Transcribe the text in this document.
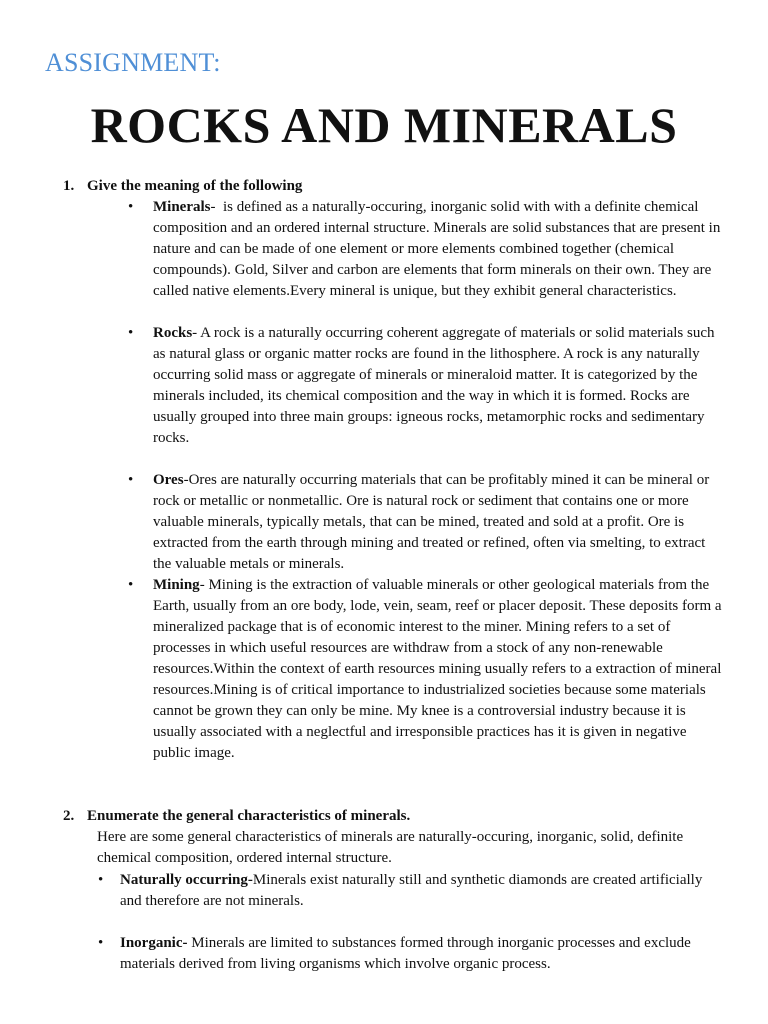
ASSIGNMENT:
ROCKS AND MINERALS
1. Give the meaning of the following
• Minerals-  is defined as a naturally-occuring, inorganic solid with with a definite chemical composition and an ordered internal structure. Minerals are solid substances that are present in nature and can be made of one element or more elements combined together (chemical compounds). Gold, Silver and carbon are elements that form minerals on their own. They are called native elements.Every mineral is unique, but they exhibit general characteristics.
• Rocks- A rock is a naturally occurring coherent aggregate of materials or solid materials such as natural glass or organic matter rocks are found in the lithosphere. A rock is any naturally occurring solid mass or aggregate of minerals or mineraloid matter. It is categorized by the minerals included, its chemical composition and the way in which it is formed. Rocks are usually grouped into three main groups: igneous rocks, metamorphic rocks and sedimentary rocks.
• Ores-Ores are naturally occurring materials that can be profitably mined it can be mineral or rock or metallic or nonmetallic. Ore is natural rock or sediment that contains one or more valuable minerals, typically metals, that can be mined, treated and sold at a profit. Ore is extracted from the earth through mining and treated or refined, often via smelting, to extract the valuable metals or minerals.
• Mining- Mining is the extraction of valuable minerals or other geological materials from the Earth, usually from an ore body, lode, vein, seam, reef or placer deposit. These deposits form a mineralized package that is of economic interest to the miner. Mining refers to a set of processes in which useful resources are withdraw from a stock of any non-renewable resources.Within the context of earth resources mining usually refers to a extraction of mineral resources.Mining is of critical importance to industrialized societies because some materials cannot be grown they can only be mine. My knee is a controversial industry because it is usually associated with a neglectful and irresponsible practices has it is given in negative public image.
2. Enumerate the general characteristics of minerals.
Here are some general characteristics of minerals are naturally-occuring, inorganic, solid, definite chemical composition, ordered internal structure.
• Naturally occurring-Minerals exist naturally still and synthetic diamonds are created artificially and therefore are not minerals.
• Inorganic- Minerals are limited to substances formed through inorganic processes and exclude materials derived from living organisms which involve organic process.
